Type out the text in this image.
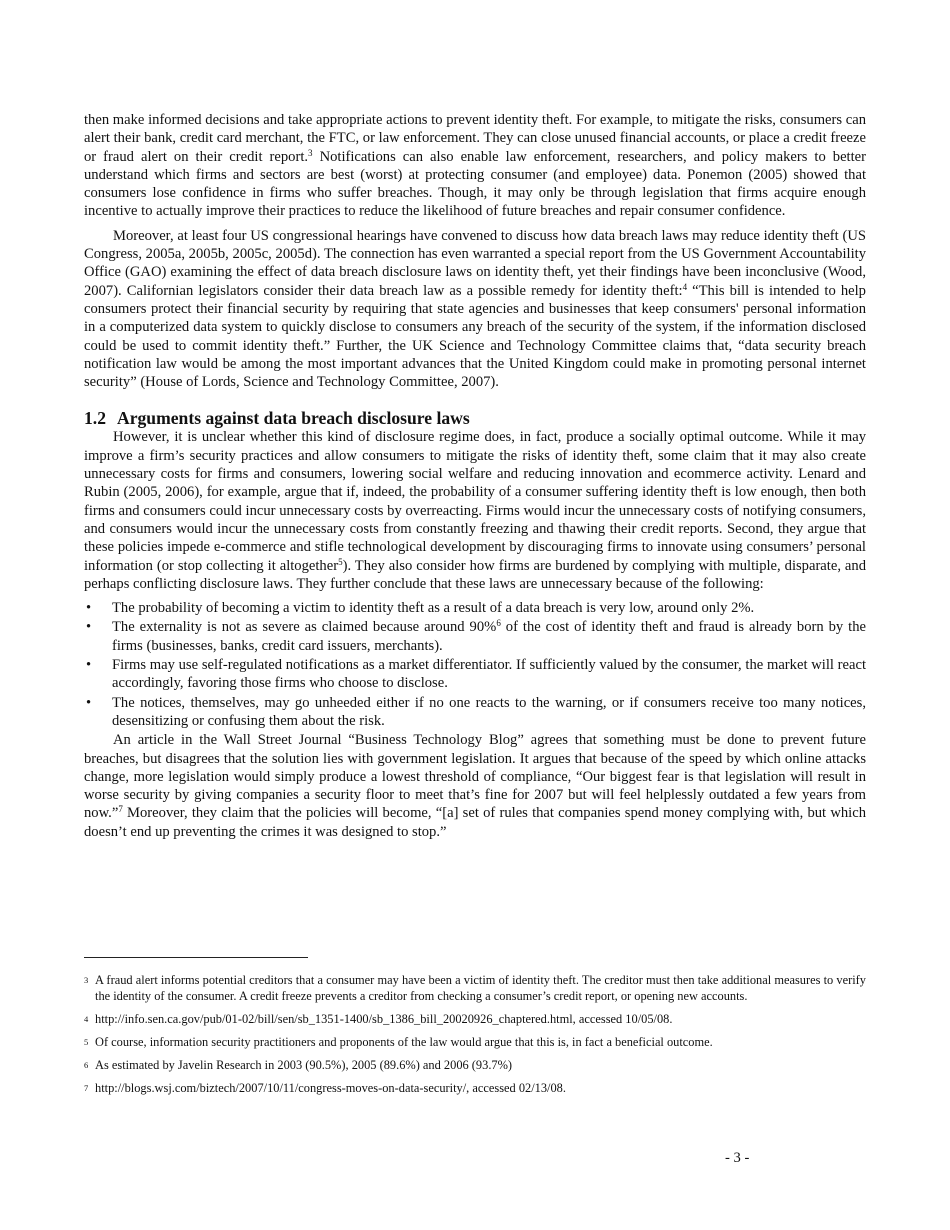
then make informed decisions and take appropriate actions to prevent identity theft. For example, to mitigate the risks, consumers can alert their bank, credit card merchant, the FTC, or law enforcement. They can close unused financial accounts, or place a credit freeze or fraud alert on their credit report.$^3$ Notifications can also enable law enforcement, researchers, and policy makers to better understand which firms and sectors are best (worst) at protecting consumer (and employee) data. Ponemon (2005) showed that consumers lose confidence in firms who suffer breaches. Though, it may only be through legislation that firms acquire enough incentive to actually improve their practices to reduce the likelihood of future breaches and repair consumer confidence.

Moreover, at least four US congressional hearings have convened to discuss how data breach laws may reduce identity theft (US Congress, 2005a, 2005b, 2005c, 2005d). The connection has even warranted a special report from the US Government Accountability Office (GAO) examining the effect of data breach disclosure laws on identity theft, yet their findings have been inconclusive (Wood, 2007). Californian legislators consider their data breach law as a possible remedy for identity theft:$^4$ “This bill is intended to help consumers protect their financial security by requiring that state agencies and businesses that keep consumers' personal information in a computerized data system to quickly disclose to consumers any breach of the security of the system, if the information disclosed could be used to commit identity theft.” Further, the UK Science and Technology Committee claims that, “data security breach notification law would be among the most important advances that the United Kingdom could make in promoting personal internet security” (House of Lords, Science and Technology Committee, 2007).

1.2 Arguments against data breach disclosure laws

However, it is unclear whether this kind of disclosure regime does, in fact, produce a socially optimal outcome. While it may improve a firm’s security practices and allow consumers to mitigate the risks of identity theft, some claim that it may also create unnecessary costs for firms and consumers, lowering social welfare and reducing innovation and ecommerce activity. Lenard and Rubin (2005, 2006), for example, argue that if, indeed, the probability of a consumer suffering identity theft is low enough, then both firms and consumers could incur unnecessary costs by overreacting. Firms would incur the unnecessary costs of notifying consumers, and consumers would incur the unnecessary costs from constantly freezing and thawing their credit reports. Second, they argue that these policies impede e-commerce and stifle technological development by discouraging firms to innovate using consumers’ personal information (or stop collecting it altogether$^5$). They also consider how firms are burdened by complying with multiple, disparate, and perhaps conflicting disclosure laws. They further conclude that these laws are unnecessary because of the following:

• The probability of becoming a victim to identity theft as a result of a data breach is very low, around only 2%.
• The externality is not as severe as claimed because around 90%$^6$ of the cost of identity theft and fraud is already born by the firms (businesses, banks, credit card issuers, merchants).
• Firms may use self-regulated notifications as a market differentiator. If sufficiently valued by the consumer, the market will react accordingly, favoring those firms who choose to disclose.
• The notices, themselves, may go unheeded either if no one reacts to the warning, or if consumers receive too many notices, desensitizing or confusing them about the risk.

An article in the Wall Street Journal “Business Technology Blog” agrees that something must be done to prevent future breaches, but disagrees that the solution lies with government legislation. It argues that because of the speed by which online attacks change, more legislation would simply produce a lowest threshold of compliance, “Our biggest fear is that legislation will result in worse security by giving companies a security floor to meet that’s fine for 2007 but will feel helplessly outdated a few years from now.”$^7$ Moreover, they claim that the policies will become, “[a] set of rules that companies spend money complying with, but which doesn’t end up preventing the crimes it was designed to stop.”

3 A fraud alert informs potential creditors that a consumer may have been a victim of identity theft. The creditor must then take additional measures to verify the identity of the consumer. A credit freeze prevents a creditor from checking a consumer’s credit report, or opening new accounts.
4 http://info.sen.ca.gov/pub/01-02/bill/sen/sb_1351-1400/sb_1386_bill_20020926_chaptered.html, accessed 10/05/08.
5 Of course, information security practitioners and proponents of the law would argue that this is, in fact a beneficial outcome.
6 As estimated by Javelin Research in 2003 (90.5%), 2005 (89.6%) and 2006 (93.7%)
7 http://blogs.wsj.com/biztech/2007/10/11/congress-moves-on-data-security/, accessed 02/13/08.
- 3 -
